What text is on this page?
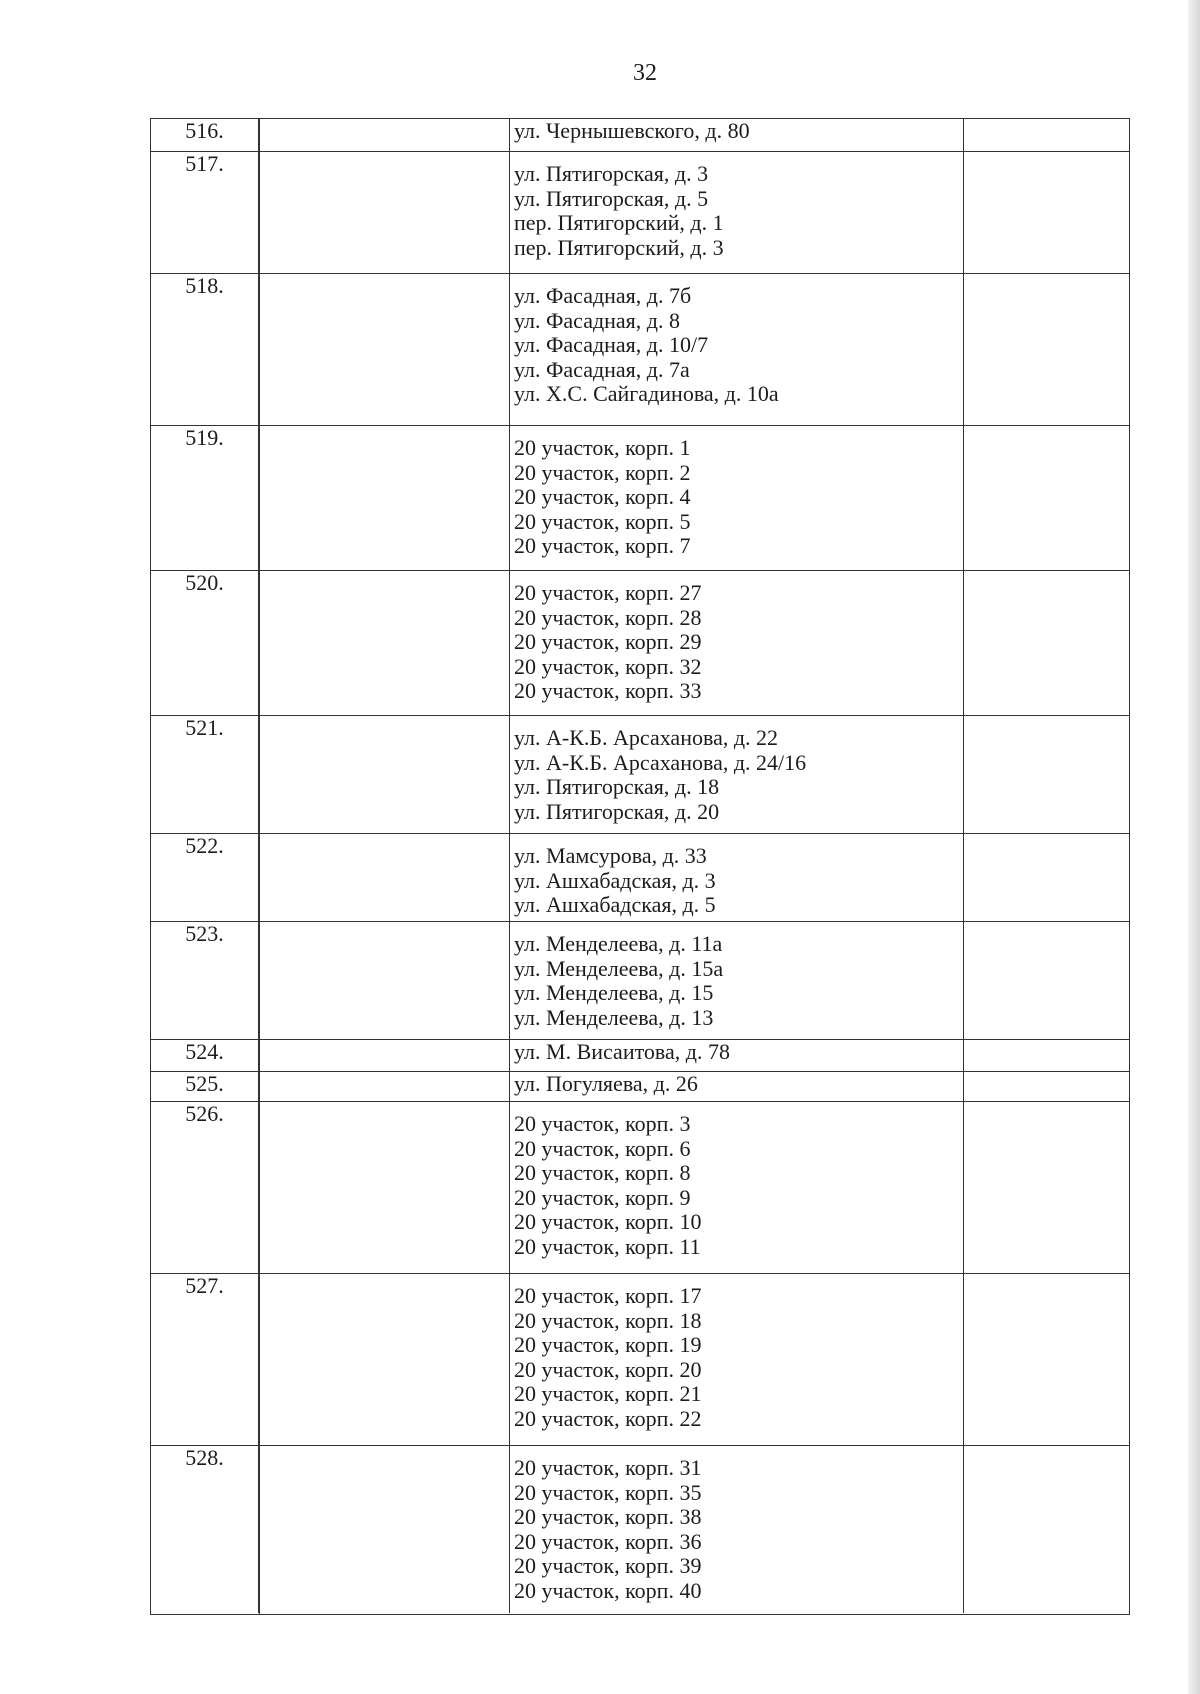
32
516.	ул. Чернышевского, д. 80
517.	ул. Пятигорская, д. 3
ул. Пятигорская, д. 5
пер. Пятигорский, д. 1
пер. Пятигорский, д. 3
518.	ул. Фасадная, д. 7б
ул. Фасадная, д. 8
ул. Фасадная, д. 10/7
ул. Фасадная, д. 7а
ул. Х.С. Сайгадинова, д. 10а
519.	20 участок, корп. 1
20 участок, корп. 2
20 участок, корп. 4
20 участок, корп. 5
20 участок, корп. 7
520.	20 участок, корп. 27
20 участок, корп. 28
20 участок, корп. 29
20 участок, корп. 32
20 участок, корп. 33
521.	ул. А-К.Б. Арсаханова, д. 22
ул. А-К.Б. Арсаханова, д. 24/16
ул. Пятигорская, д. 18
ул. Пятигорская, д. 20
522.	ул. Мамсурова, д. 33
ул. Ашхабадская, д. 3
ул. Ашхабадская, д. 5
523.	ул. Менделеева, д. 11а
ул. Менделеева, д. 15а
ул. Менделеева, д. 15
ул. Менделеева, д. 13
524.	ул. М. Висаитова, д. 78
525.	ул. Погуляева, д. 26
526.	20 участок, корп. 3
20 участок, корп. 6
20 участок, корп. 8
20 участок, корп. 9
20 участок, корп. 10
20 участок, корп. 11
527.	20 участок, корп. 17
20 участок, корп. 18
20 участок, корп. 19
20 участок, корп. 20
20 участок, корп. 21
20 участок, корп. 22
528.	20 участок, корп. 31
20 участок, корп. 35
20 участок, корп. 38
20 участок, корп. 36
20 участок, корп. 39
20 участок, корп. 40
